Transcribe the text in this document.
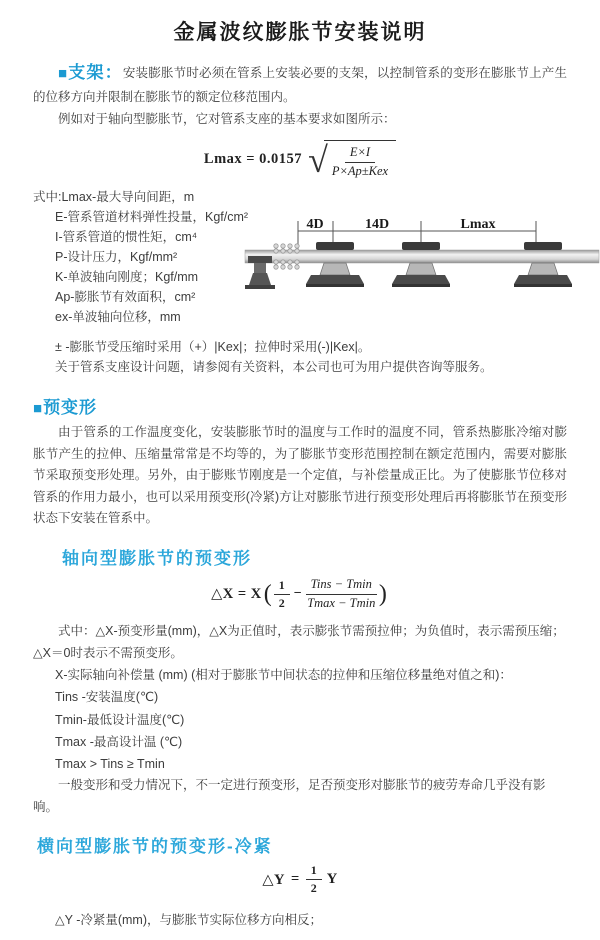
金属波纹膨胀节安装说明

■支架：安装膨胀节时必须在管系上安装必要的支架，以控制管系的变形在膨胀节上产生的位移方向并限制在膨胀节的额定位移范围内。

例如对于轴向型膨胀节，它对管系支座的基本要求如图所示：

Lmax = 0.0157 √ $\frac{E\times I}{\text{P×Ap±Kex}}$
式中:Lmax-最大导向间距，m
E-管系管道材料弹性投量，Kgf/cm²
I-管系管道的惯性矩，cm⁴
P-设计压力，Kgf/mm²
K-单波轴向刚度；Kgf/mm
Ap-膨胀节有效面积，cm²
ex-单波轴向位移，mm
4D	14D	Lmax
± -膨胀节受压缩时采用（+）|Kex|；拉伸时采用(-)|Kex|。
关于管系支座设计问题，请参阅有关资料，本公司也可为用户提供咨询等服务。
■预变形

由于管系的工作温度变化，安装膨胀节时的温度与工作时的温度不同，管系热膨胀冷缩对膨胀节产生的拉伸、压缩量常常是不均等的，为了膨胀节变形范围控制在额定范围内，需要对膨胀节采取预变形处理。另外，由于膨账节刚度是一个定值，与补偿量成正比。为了使膨胀节位移对管系的作用力最小，也可以采用预变形(冷紧)方让对膨胀节进行预变形处理后再将膨胀节在预变形状态下安装在管系中。

轴向型膨胀节的预变形
△X = X ( $\frac{1}{2} - \frac{\text{Tins − Tmin}}{Tmax - Tmin}$ )

式中：△X-预变形量(mm)，△X为正值时，表示膨张节需预拉伸；为负值时，表示需预压缩；△X＝0时表示不需预变形。

X-实际轴向补偿量 (mm) (相对于膨胀节中间状态的拉伸和压缩位移量绝对值之和)：
Tins -安装温度(℃)
Tmin-最低设计温度(℃)
Tmax -最高设计温 (℃)
Tmax > Tins ≥ Tmin

一般变形和受力情况下，不一定进行预变形，足否预变形对膨胀节的疲劳寿命几乎没有影响。

横向型膨胀节的预变形-冷紧
△Y = $\frac{1}{2}$ Y
△Y -冷紧量(mm)，与膨胀节实际位移方向相反；
